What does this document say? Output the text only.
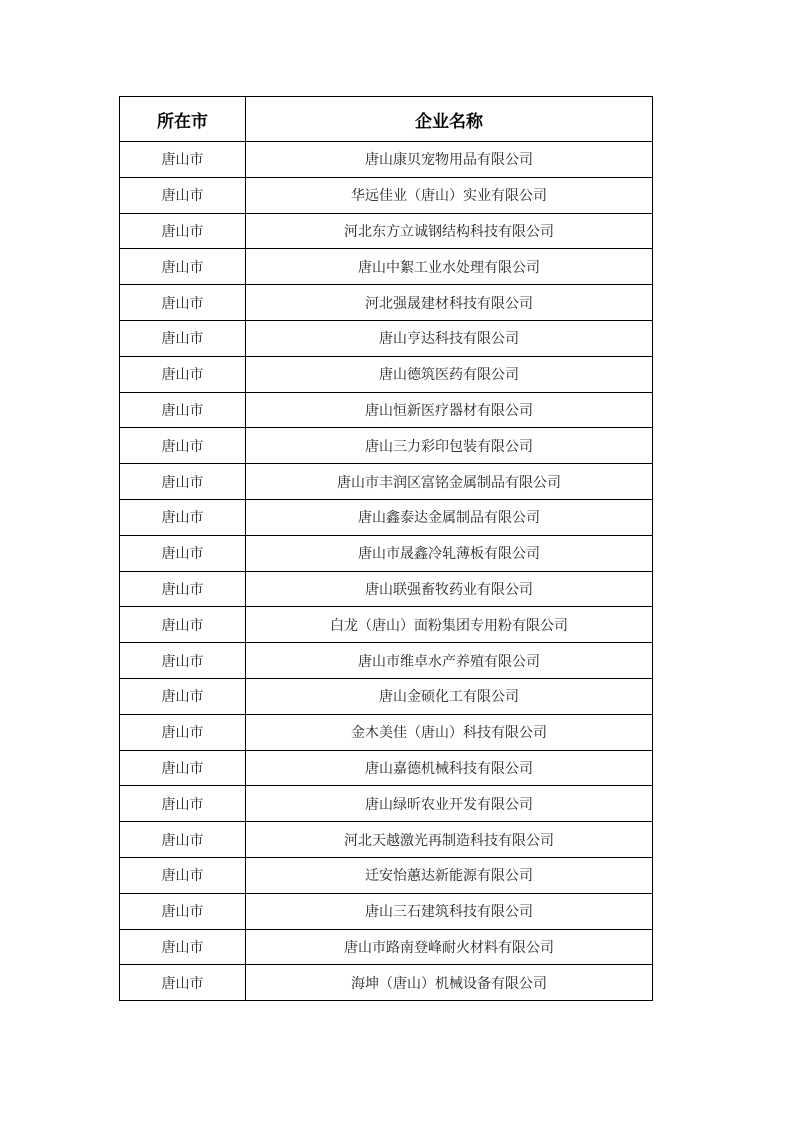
所在市	企业名称
唐山市	唐山康贝宠物用品有限公司
唐山市	华远佳业（唐山）实业有限公司
唐山市	河北东方立诚钢结构科技有限公司
唐山市	唐山中絮工业水处理有限公司
唐山市	河北强晟建材科技有限公司
唐山市	唐山亨达科技有限公司
唐山市	唐山德筑医药有限公司
唐山市	唐山恒新医疗器材有限公司
唐山市	唐山三力彩印包装有限公司
唐山市	唐山市丰润区富铭金属制品有限公司
唐山市	唐山鑫泰达金属制品有限公司
唐山市	唐山市晟鑫冷轧薄板有限公司
唐山市	唐山联强畜牧药业有限公司
唐山市	白龙（唐山）面粉集团专用粉有限公司
唐山市	唐山市维卓水产养殖有限公司
唐山市	唐山金硕化工有限公司
唐山市	金木美佳（唐山）科技有限公司
唐山市	唐山嘉德机械科技有限公司
唐山市	唐山绿昕农业开发有限公司
唐山市	河北天越激光再制造科技有限公司
唐山市	迁安怡蕙达新能源有限公司
唐山市	唐山三石建筑科技有限公司
唐山市	唐山市路南登峰耐火材料有限公司
唐山市	海坤（唐山）机械设备有限公司
